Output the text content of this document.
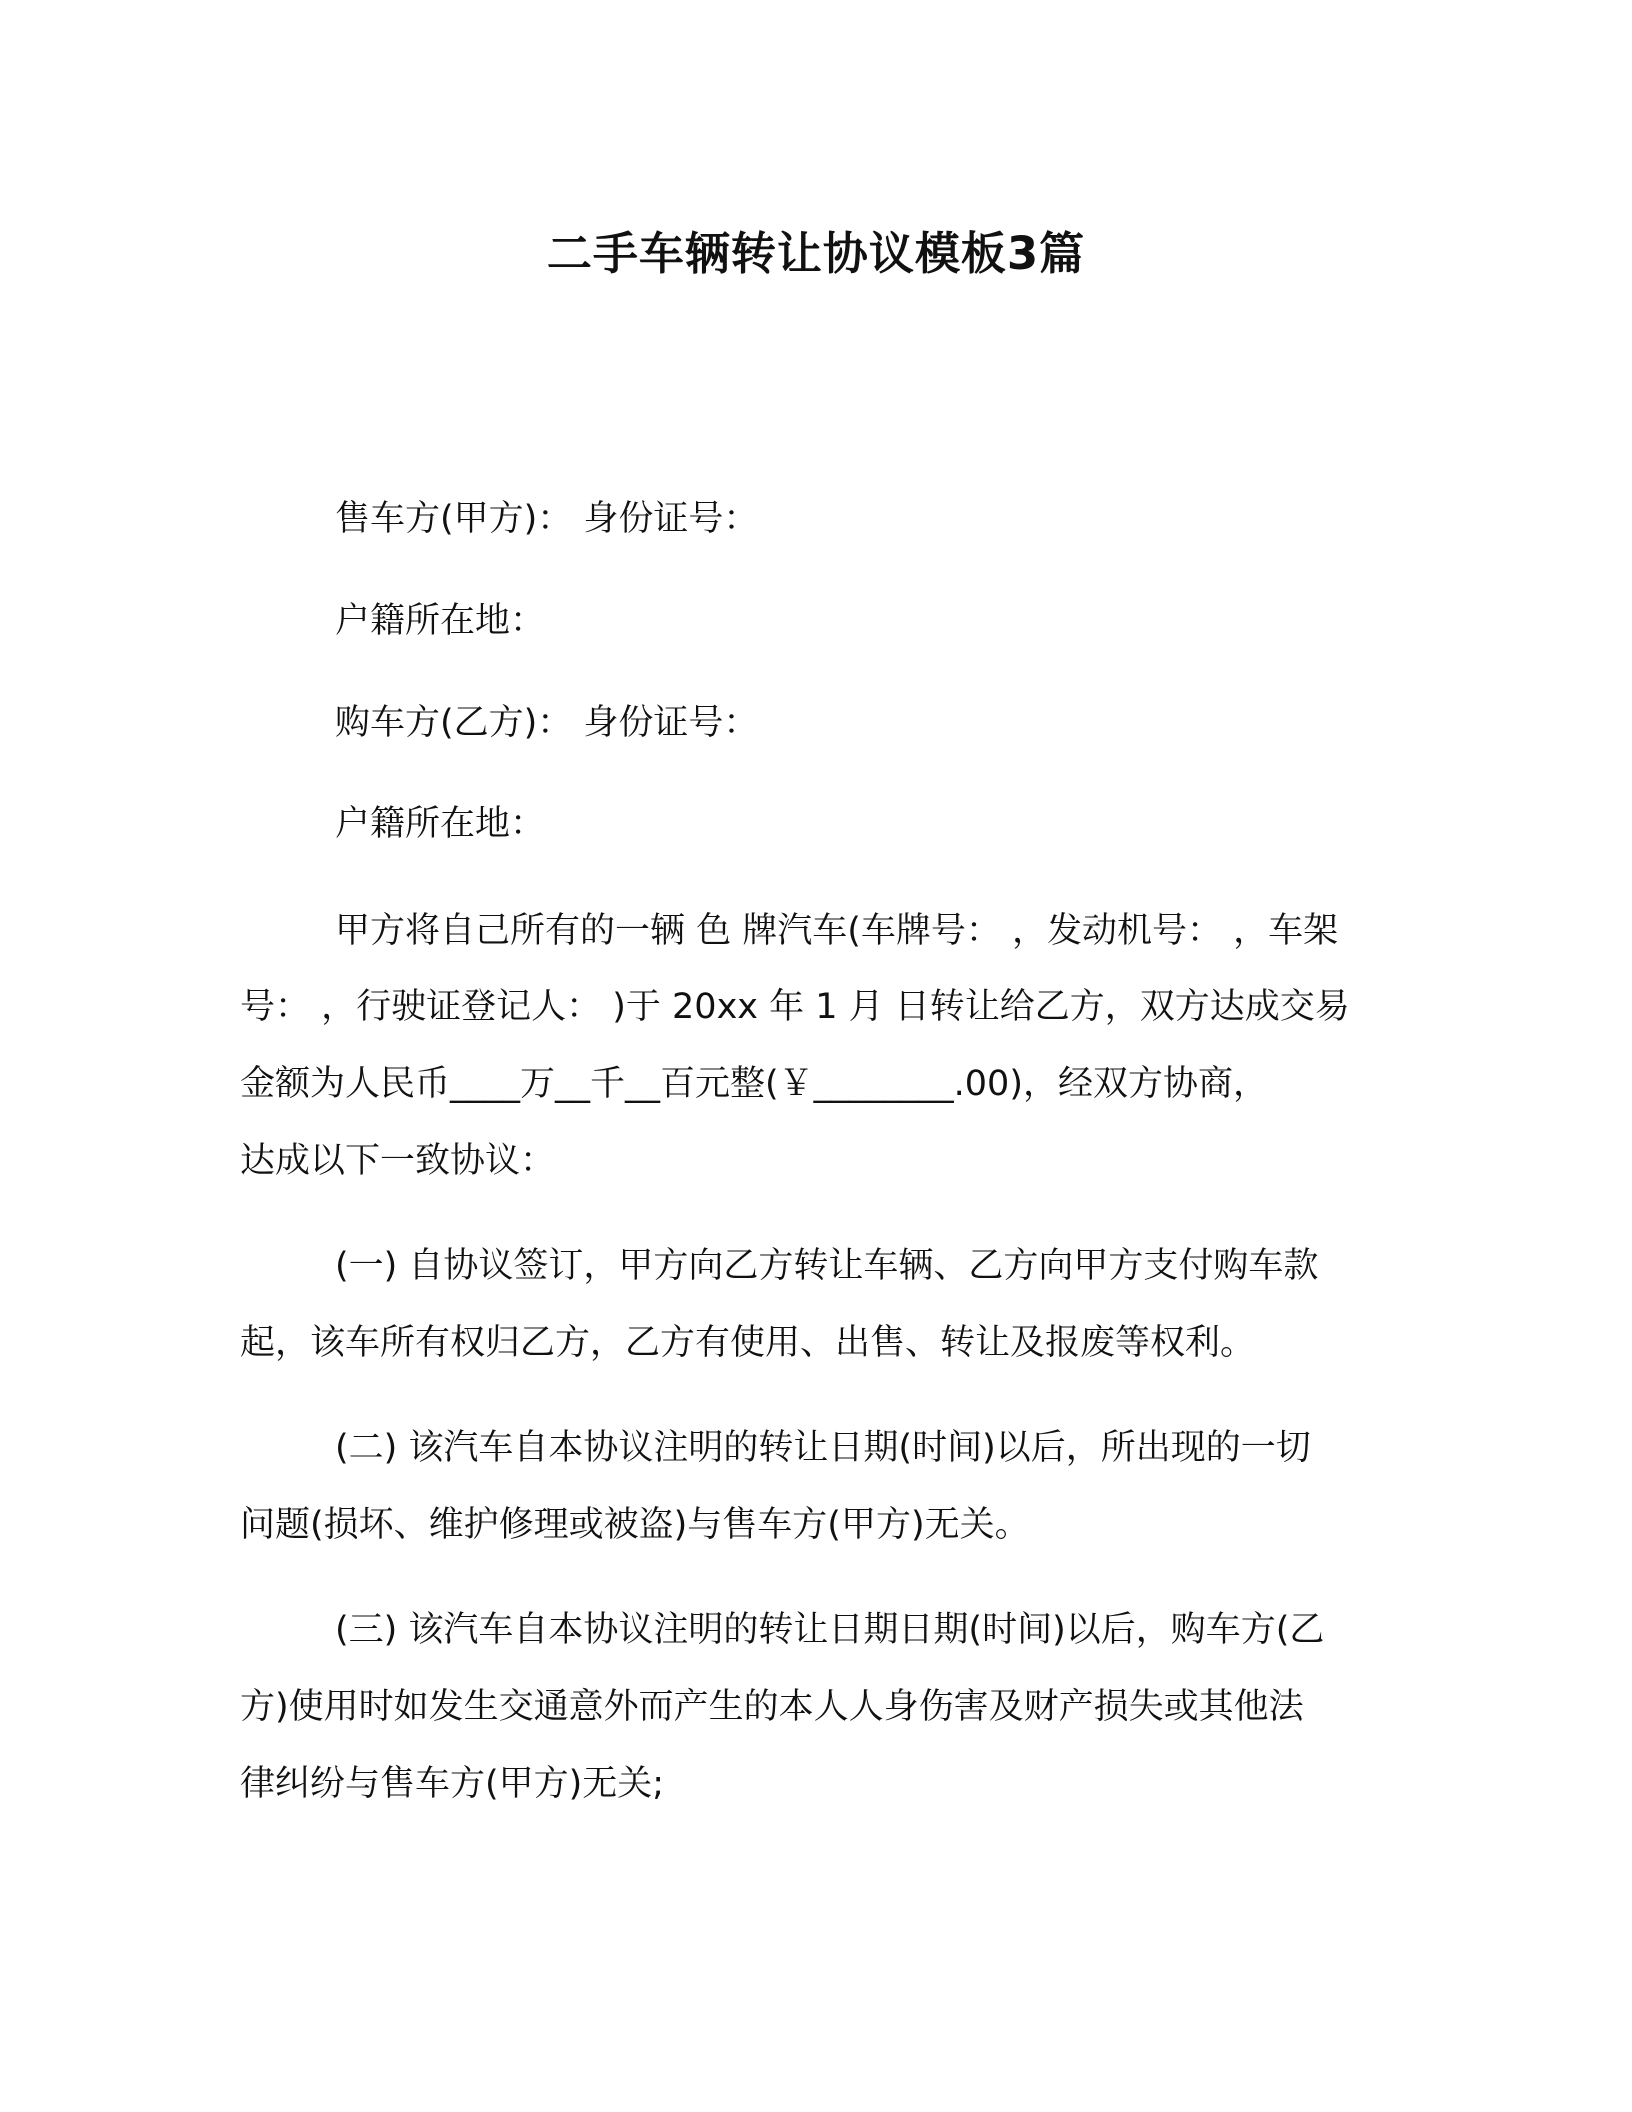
二手车辆转让协议模板3篇
售车方(甲方)： 身份证号：
户籍所在地：
购车方(乙方)： 身份证号：
户籍所在地：
甲方将自己所有的一辆 色 牌汽车(车牌号： ，发动机号： ，车架
号： ，行驶证登记人： )于 20xx 年 1 月 日转让给乙方，双方达成交易
金额为人民币____万__千__百元整(￥________.00)，经双方协商，
达成以下一致协议：
(一) 自协议签订，甲方向乙方转让车辆、乙方向甲方支付购车款
起，该车所有权归乙方，乙方有使用、出售、转让及报废等权利。
(二) 该汽车自本协议注明的转让日期(时间)以后，所出现的一切
问题(损坏、维护修理或被盗)与售车方(甲方)无关。
(三) 该汽车自本协议注明的转让日期日期(时间)以后，购车方(乙
方)使用时如发生交通意外而产生的本人人身伤害及财产损失或其他法
律纠纷与售车方(甲方)无关;
